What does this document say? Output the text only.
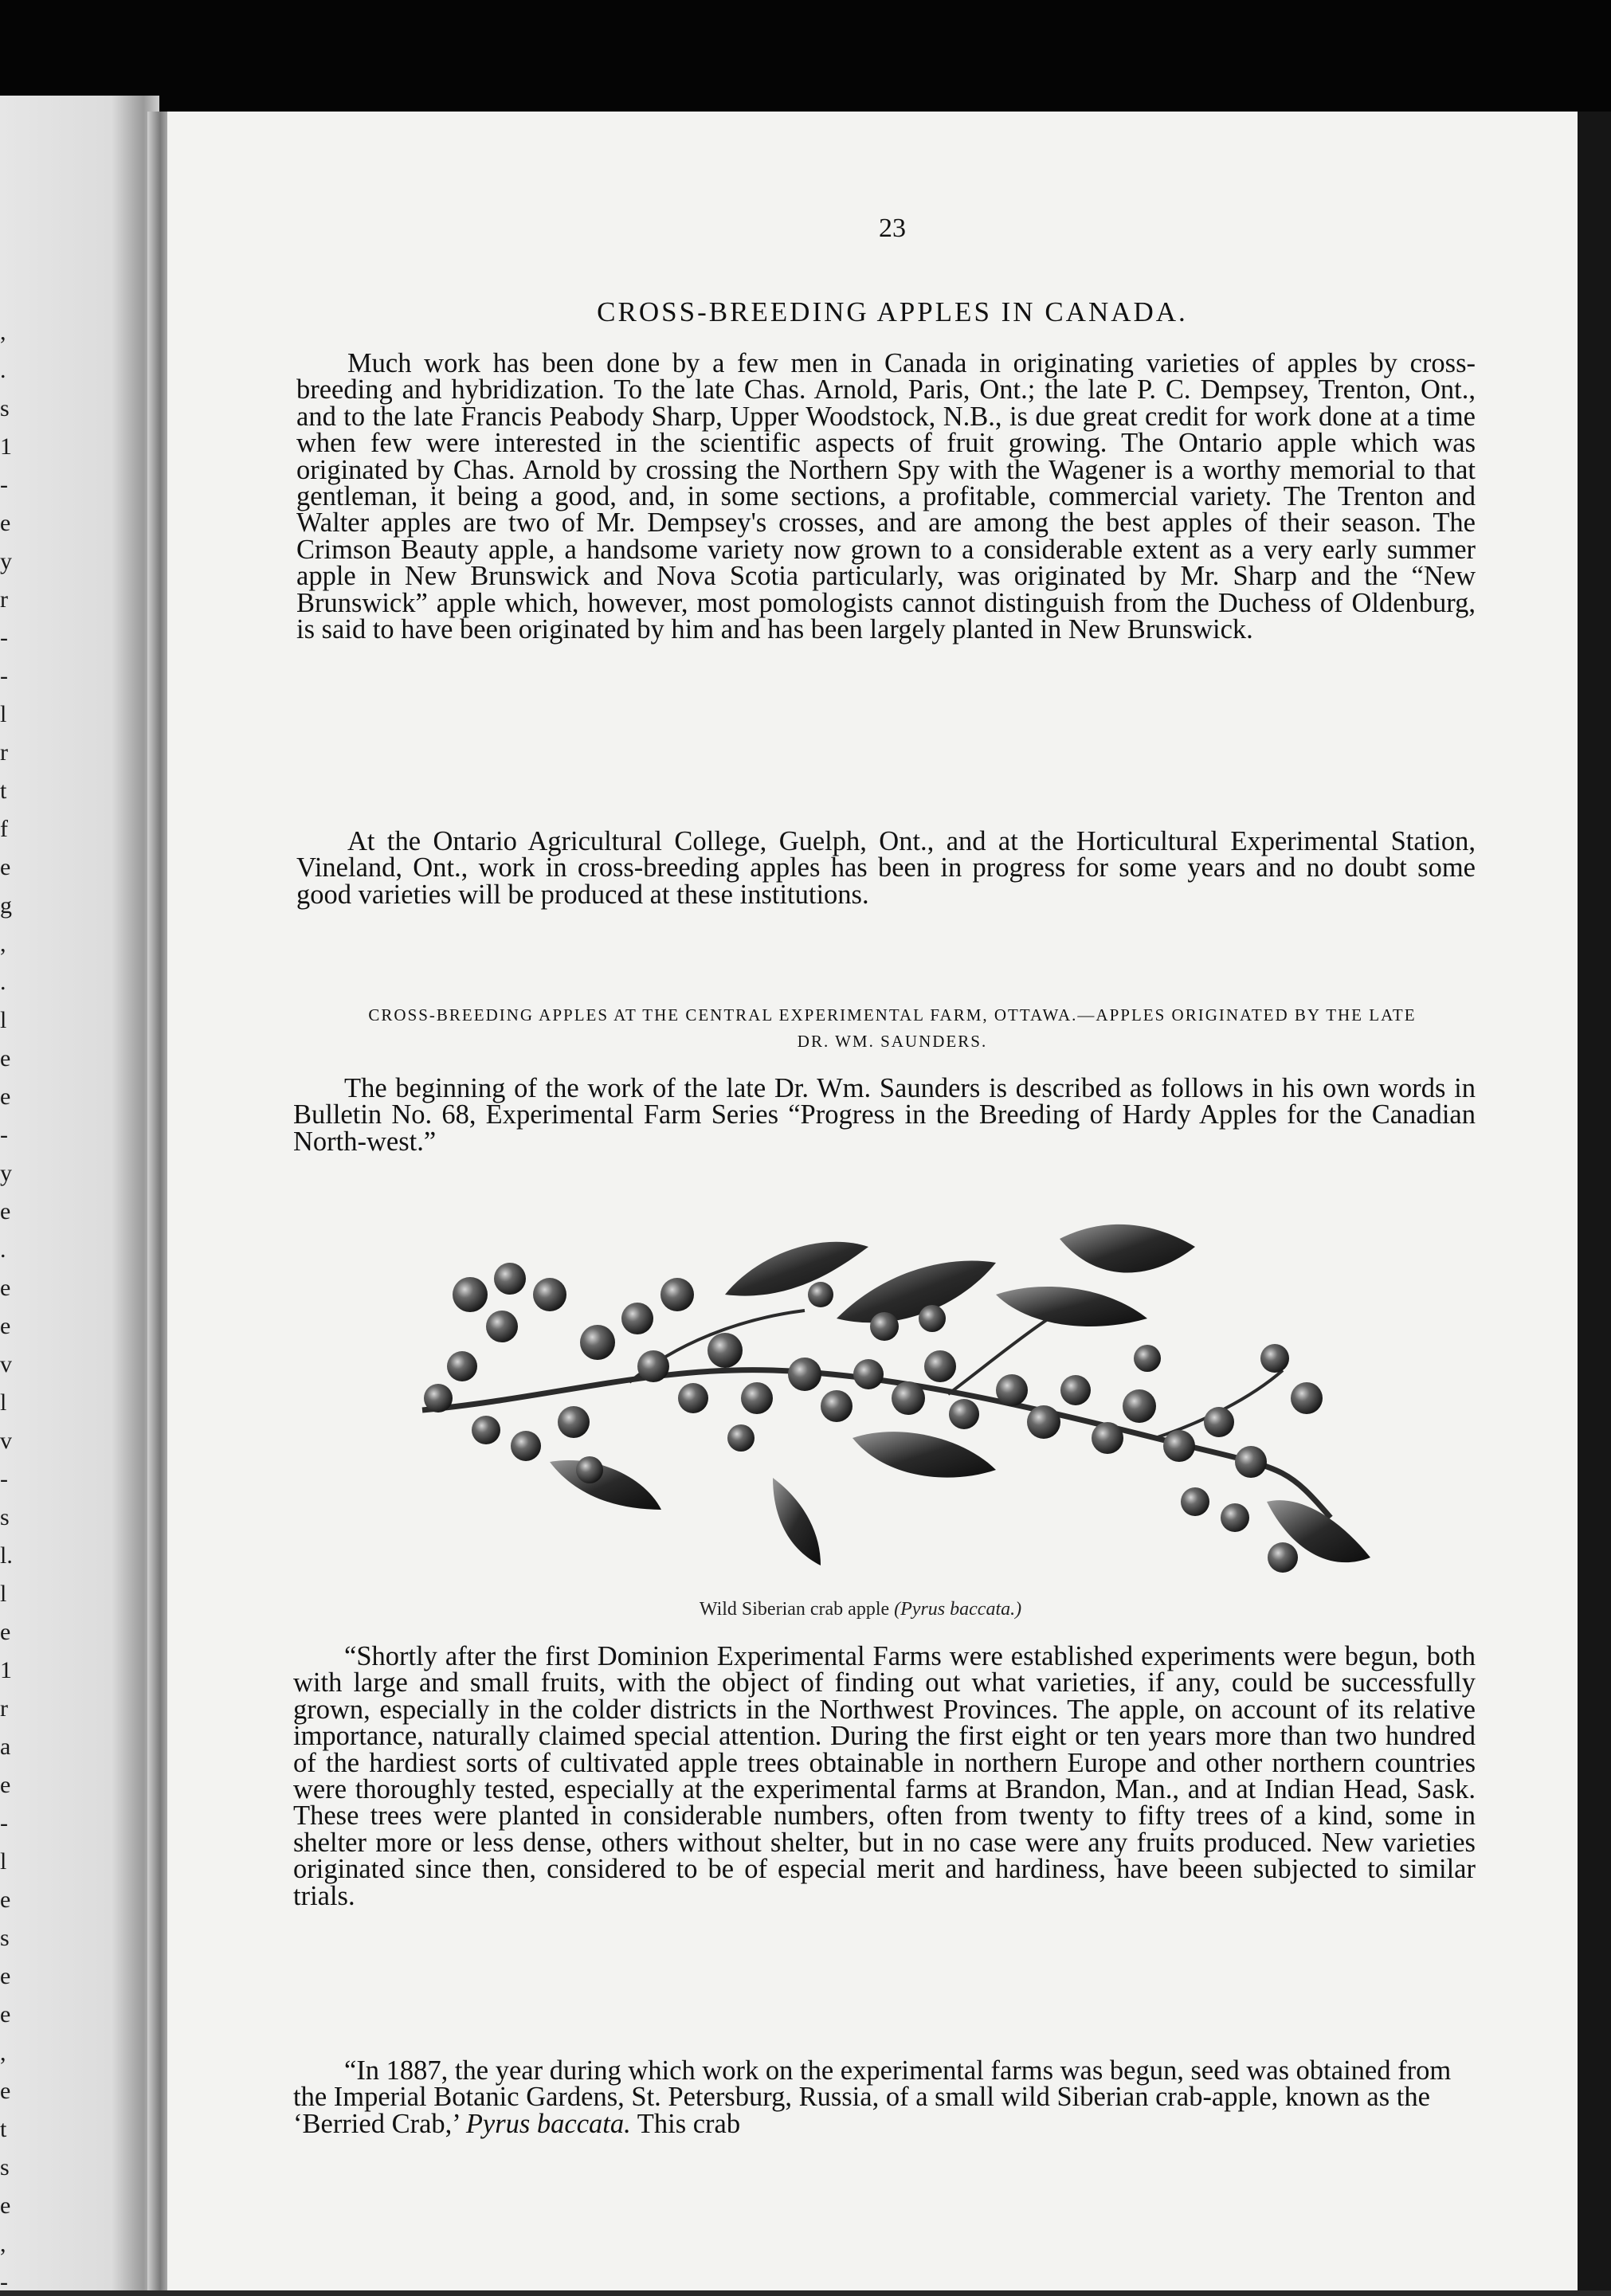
,
.
s
1
-
e
y
r
-
-
l
r
t
f
e
g
,
.
l
e
e
-
y
e
.
e
e
v
l
v
-
s
l.
l
e
1
r
a
e
-
l
e
s
e
e
,
e
t
s
e
,
-
23
CROSS-BREEDING APPLES IN CANADA.

Much work has been done by a few men in Canada in originating varieties of apples by cross-breeding and hybridization. To the late Chas. Arnold, Paris, Ont.; the late P. C. Dempsey, Trenton, Ont., and to the late Francis Peabody Sharp, Upper Woodstock, N.B., is due great credit for work done at a time when few were interested in the scientific aspects of fruit growing. The Ontario apple which was originated by Chas. Arnold by crossing the Northern Spy with the Wagener is a worthy memorial to that gentleman, it being a good, and, in some sections, a profitable, commercial variety. The Trenton and Walter apples are two of Mr. Dempsey's crosses, and are among the best apples of their season. The Crimson Beauty apple, a handsome variety now grown to a considerable extent as a very early summer apple in New Brunswick and Nova Scotia particularly, was originated by Mr. Sharp and the “New Brunswick” apple which, however, most pomologists cannot distinguish from the Duchess of Oldenburg, is said to have been originated by him and has been largely planted in New Brunswick.

At the Ontario Agricultural College, Guelph, Ont., and at the Horticultural Experimental Station, Vineland, Ont., work in cross-breeding apples has been in progress for some years and no doubt some good varieties will be produced at these institutions.

CROSS-BREEDING APPLES AT THE CENTRAL EXPERIMENTAL FARM, OTTAWA.—APPLES ORIGINATED BY THE LATE DR. WM. SAUNDERS.

The beginning of the work of the late Dr. Wm. Saunders is described as follows in his own words in Bulletin No. 68, Experimental Farm Series “Progress in the Breeding of Hardy Apples for the Canadian North-west.”

Wild Siberian crab apple (Pyrus baccata.)

“Shortly after the first Dominion Experimental Farms were established experiments were begun, both with large and small fruits, with the object of finding out what varieties, if any, could be successfully grown, especially in the colder districts in the Northwest Provinces. The apple, on account of its relative importance, naturally claimed special attention. During the first eight or ten years more than two hundred of the hardiest sorts of cultivated apple trees obtainable in northern Europe and other northern countries were thoroughly tested, especially at the experimental farms at Brandon, Man., and at Indian Head, Sask. These trees were planted in considerable numbers, often from twenty to fifty trees of a kind, some in shelter more or less dense, others without shelter, but in no case were any fruits produced. New varieties originated since then, considered to be of especial merit and hardiness, have beeen subjected to similar trials.

“In 1887, the year during which work on the experimental farms was begun, seed was obtained from the Imperial Botanic Gardens, St. Petersburg, Russia, of a small wild Siberian crab-apple, known as the ‘Berried Crab,’ Pyrus baccata. This crab
